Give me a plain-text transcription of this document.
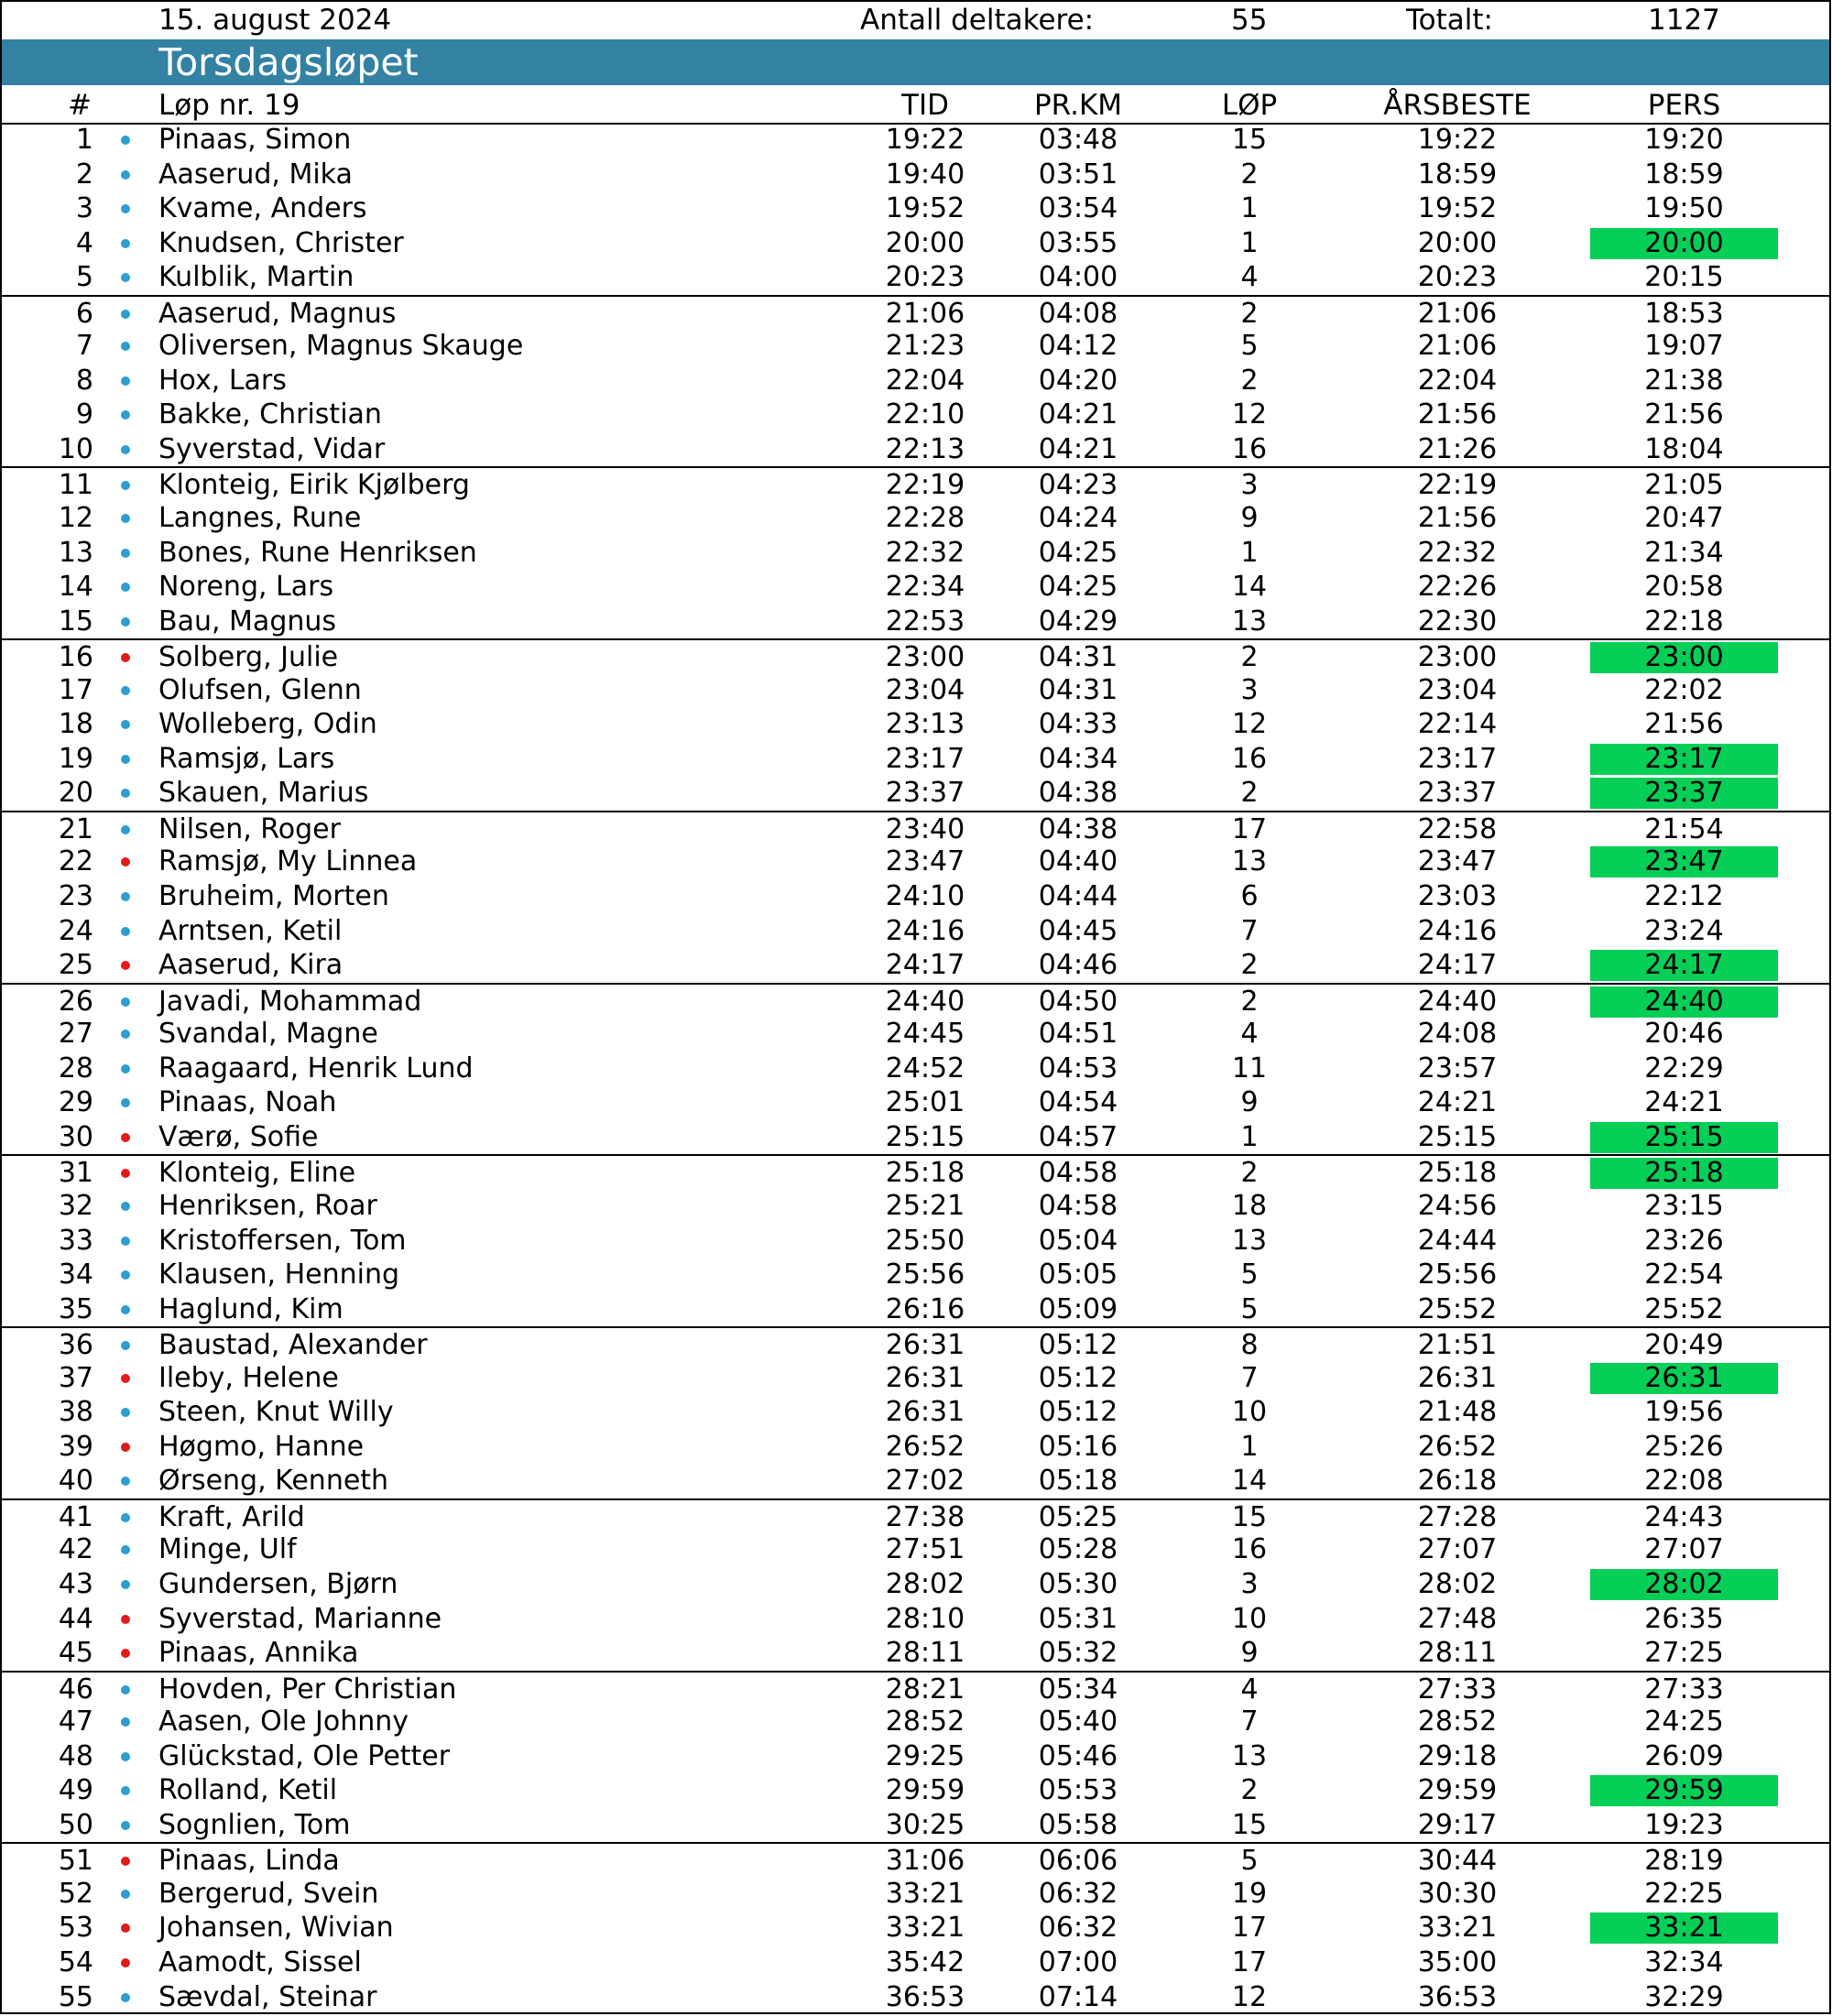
15. august 2024	Antall deltakere:	55	Totalt:	1127
Torsdagsløpet
# Løp nr. 19	TID	PR.KM	LØP	ÅRSBESTE	PERS
1 Pinaas, Simon	19:22	03:48	15	19:22	19:20
2 Aaserud, Mika	19:40	03:51	2	18:59	18:59
3 Kvame, Anders	19:52	03:54	1	19:52	19:50
4 Knudsen, Christer	20:00	03:55	1	20:00	20:00
5 Kulblik, Martin	20:23	04:00	4	20:23	20:15
6 Aaserud, Magnus	21:06	04:08	2	21:06	18:53
7 Oliversen, Magnus Skauge	21:23	04:12	5	21:06	19:07
8 Hox, Lars	22:04	04:20	2	22:04	21:38
9 Bakke, Christian	22:10	04:21	12	21:56	21:56
10 Syverstad, Vidar	22:13	04:21	16	21:26	18:04
11 Klonteig, Eirik Kjølberg	22:19	04:23	3	22:19	21:05
12 Langnes, Rune	22:28	04:24	9	21:56	20:47
13 Bones, Rune Henriksen	22:32	04:25	1	22:32	21:34
14 Noreng, Lars	22:34	04:25	14	22:26	20:58
15 Bau, Magnus	22:53	04:29	13	22:30	22:18
16 Solberg, Julie	23:00	04:31	2	23:00	23:00
17 Olufsen, Glenn	23:04	04:31	3	23:04	22:02
18 Wolleberg, Odin	23:13	04:33	12	22:14	21:56
19 Ramsjø, Lars	23:17	04:34	16	23:17	23:17
20 Skauen, Marius	23:37	04:38	2	23:37	23:37
21 Nilsen, Roger	23:40	04:38	17	22:58	21:54
22 Ramsjø, My Linnea	23:47	04:40	13	23:47	23:47
23 Bruheim, Morten	24:10	04:44	6	23:03	22:12
24 Arntsen, Ketil	24:16	04:45	7	24:16	23:24
25 Aaserud, Kira	24:17	04:46	2	24:17	24:17
26 Javadi, Mohammad	24:40	04:50	2	24:40	24:40
27 Svandal, Magne	24:45	04:51	4	24:08	20:46
28 Raagaard, Henrik Lund	24:52	04:53	11	23:57	22:29
29 Pinaas, Noah	25:01	04:54	9	24:21	24:21
30 Værø, Sofie	25:15	04:57	1	25:15	25:15
31 Klonteig, Eline	25:18	04:58	2	25:18	25:18
32 Henriksen, Roar	25:21	04:58	18	24:56	23:15
33 Kristoffersen, Tom	25:50	05:04	13	24:44	23:26
34 Klausen, Henning	25:56	05:05	5	25:56	22:54
35 Haglund, Kim	26:16	05:09	5	25:52	25:52
36 Baustad, Alexander	26:31	05:12	8	21:51	20:49
37 Ileby, Helene	26:31	05:12	7	26:31	26:31
38 Steen, Knut Willy	26:31	05:12	10	21:48	19:56
39 Høgmo, Hanne	26:52	05:16	1	26:52	25:26
40 Ørseng, Kenneth	27:02	05:18	14	26:18	22:08
41 Kraft, Arild	27:38	05:25	15	27:28	24:43
42 Minge, Ulf	27:51	05:28	16	27:07	27:07
43 Gundersen, Bjørn	28:02	05:30	3	28:02	28:02
44 Syverstad, Marianne	28:10	05:31	10	27:48	26:35
45 Pinaas, Annika	28:11	05:32	9	28:11	27:25
46 Hovden, Per Christian	28:21	05:34	4	27:33	27:33
47 Aasen, Ole Johnny	28:52	05:40	7	28:52	24:25
48 Glückstad, Ole Petter	29:25	05:46	13	29:18	26:09
49 Rolland, Ketil	29:59	05:53	2	29:59	29:59
50 Sognlien, Tom	30:25	05:58	15	29:17	19:23
51 Pinaas, Linda	31:06	06:06	5	30:44	28:19
52 Bergerud, Svein	33:21	06:32	19	30:30	22:25
53 Johansen, Wivian	33:21	06:32	17	33:21	33:21
54 Aamodt, Sissel	35:42	07:00	17	35:00	32:34
55 Sævdal, Steinar	36:53	07:14	12	36:53	32:29
